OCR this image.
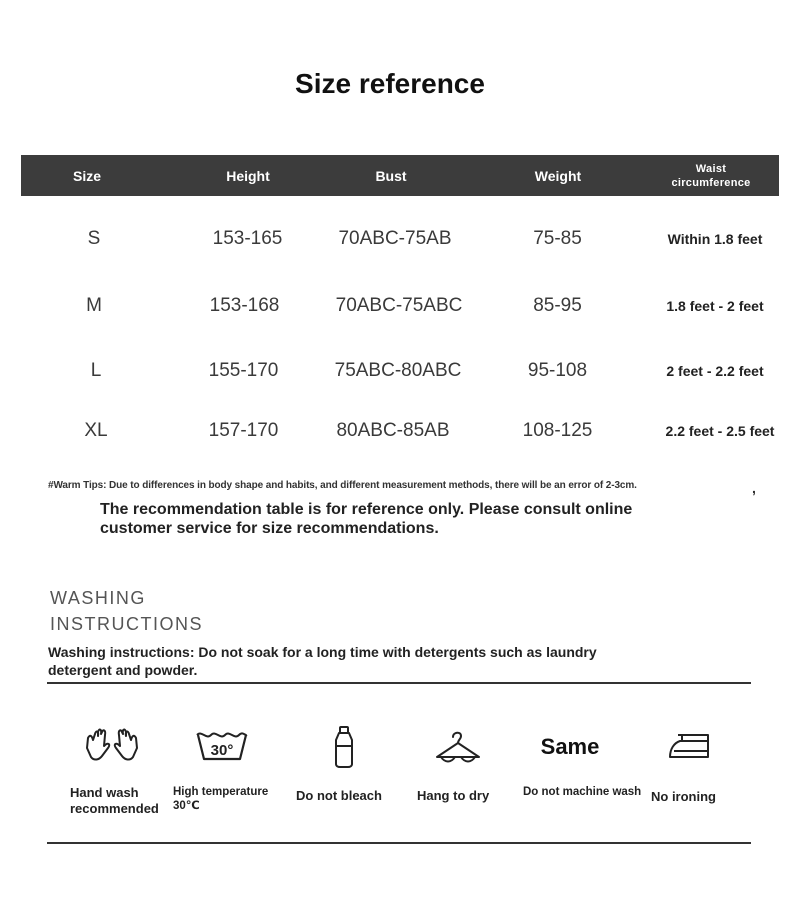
Size reference
Size	Height	Bust	Weight	Waist circumference
S	153-165	70ABC-75AB	75-85	Within 1.8 feet
M	153-168	70ABC-75ABC	85-95	1.8 feet - 2 feet
L	155-170	75ABC-80ABC	95-108	2 feet - 2.2 feet
XL	157-170	80ABC-85AB	108-125	2.2 feet - 2.5 feet
#Warm Tips: Due to differences in body shape and habits, and different measurement methods, there will be an error of 2-3cm.	,
The recommendation table is for reference only. Please consult online customer service for size recommendations.
WASHING
INSTRUCTIONS
Washing instructions: Do not soak for a long time with detergents such as laundry detergent and powder.
Hand wash recommended
30°
High temperature 30℃
Do not bleach	Hang to dry
Same
Do not machine wash No ironing
